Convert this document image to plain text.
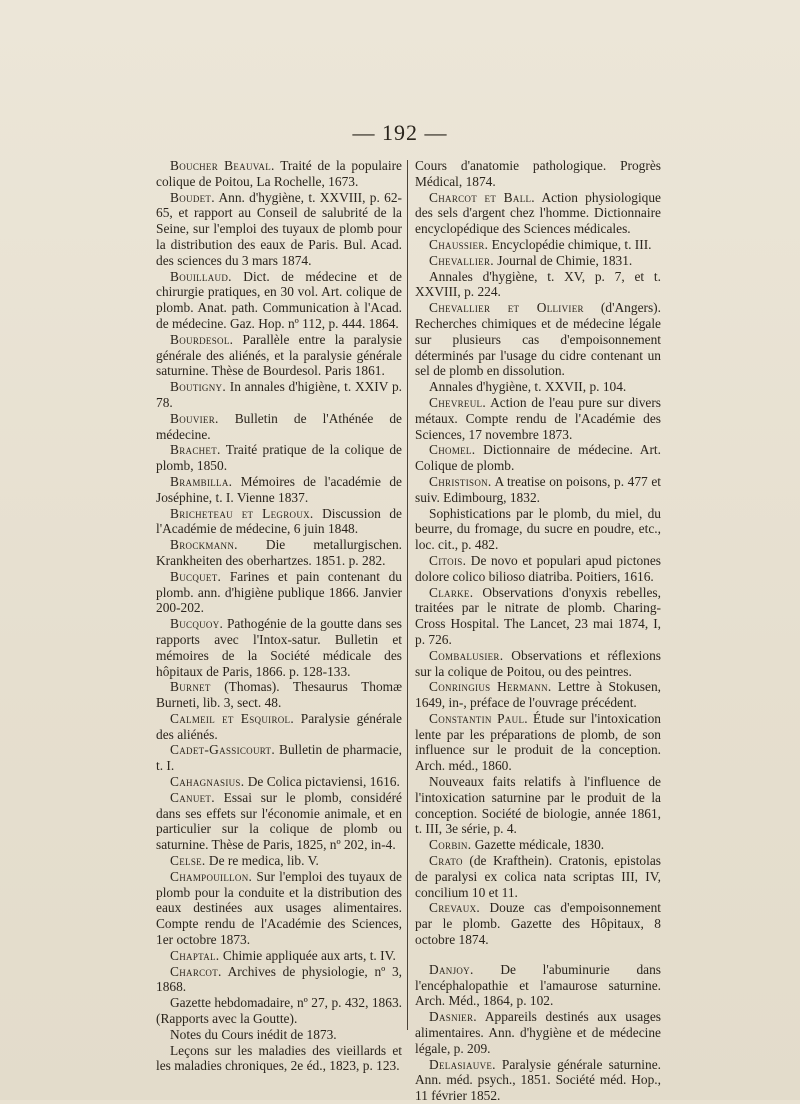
— 192 —

Boucher Beauval. Traité de la populaire colique de Poitou, La Rochelle, 1673.

Boudet. Ann. d'hygiène, t. XXVIII, p. 62-65, et rapport au Conseil de salubrité de la Seine, sur l'emploi des tuyaux de plomb pour la distribution des eaux de Paris. Bul. Acad. des sciences du 3 mars 1874.

Bouillaud. Dict. de médecine et de chirurgie pratiques, en 30 vol. Art. colique de plomb. Anat. path. Communication à l'Acad. de médecine. Gaz. Hop. nº 112, p. 444. 1864.

Bourdesol. Parallèle entre la paralysie générale des aliénés, et la paralysie générale saturnine. Thèse de Bourdesol. Paris 1861.

Boutigny. In annales d'higiène, t. XXIV p. 78.

Bouvier. Bulletin de l'Athénée de médecine.

Brachet. Traité pratique de la colique de plomb, 1850.

Brambilla. Mémoires de l'académie de Joséphine, t. I. Vienne 1837.

Bricheteau et Legroux. Discussion de l'Académie de médecine, 6 juin 1848.

Brockmann. Die metallurgischen. Krankheiten des oberhartzes. 1851. p. 282.

Bucquet. Farines et pain contenant du plomb. ann. d'higiène publique 1866. Janvier 200-202.

Bucquoy. Pathogénie de la goutte dans ses rapports avec l'Intox-satur. Bulletin et mémoires de la Société médicale des hôpitaux de Paris, 1866. p. 128-133.

Burnet (Thomas). Thesaurus Thomæ Burneti, lib. 3, sect. 48.

Calmeil et Esquirol. Paralysie générale des aliénés.

Cadet-Gassicourt. Bulletin de pharmacie, t. I.

Cahagnasius. De Colica pictaviensi, 1616.

Canuet. Essai sur le plomb, considéré dans ses effets sur l'économie animale, et en particulier sur la colique de plomb ou saturnine. Thèse de Paris, 1825, nº 202, in-4.

Celse. De re medica, lib. V.

Champouillon. Sur l'emploi des tuyaux de plomb pour la conduite et la distribution des eaux destinées aux usages alimentaires. Compte rendu de l'Académie des Sciences, 1er octobre 1873.

Chaptal. Chimie appliquée aux arts, t. IV.

Charcot. Archives de physiologie, nº 3, 1868.

Gazette hebdomadaire, nº 27, p. 432, 1863. (Rapports avec la Goutte).

Notes du Cours inédit de 1873.

Leçons sur les maladies des vieillards et les maladies chroniques, 2e éd., 1823, p. 123.

Cours d'anatomie pathologique. Progrès Médical, 1874.

Charcot et Ball. Action physiologique des sels d'argent chez l'homme. Dictionnaire encyclopédique des Sciences médicales.

Chaussier. Encyclopédie chimique, t. III.

Chevallier. Journal de Chimie, 1831.

Annales d'hygiène, t. XV, p. 7, et t. XXVIII, p. 224.

Chevallier et Ollivier (d'Angers). Recherches chimiques et de médecine légale sur plusieurs cas d'empoisonnement déterminés par l'usage du cidre contenant un sel de plomb en dissolution.

Annales d'hygiène, t. XXVII, p. 104.

Chevreul. Action de l'eau pure sur divers métaux. Compte rendu de l'Académie des Sciences, 17 novembre 1873.

Chomel. Dictionnaire de médecine. Art. Colique de plomb.

Christison. A treatise on poisons, p. 477 et suiv. Edimbourg, 1832.

Sophistications par le plomb, du miel, du beurre, du fromage, du sucre en poudre, etc., loc. cit., p. 482.

Citois. De novo et populari apud pictones dolore colico bilioso diatriba. Poitiers, 1616.

Clarke. Observations d'onyxis rebelles, traitées par le nitrate de plomb. Charing-Cross Hospital. The Lancet, 23 mai 1874, I, p. 726.

Combalusier. Observations et réflexions sur la colique de Poitou, ou des peintres.

Conringius Hermann. Lettre à Stokusen, 1649, in-, préface de l'ouvrage précédent.

Constantin Paul. Étude sur l'intoxication lente par les préparations de plomb, de son influence sur le produit de la conception. Arch. méd., 1860.

Nouveaux faits relatifs à l'influence de l'intoxication saturnine par le produit de la conception. Société de biologie, année 1861, t. III, 3e série, p. 4.

Corbin. Gazette médicale, 1830.

Crato (de Krafthein). Cratonis, epistolas de paralysi ex colica nata scriptas III, IV, concilium 10 et 11.

Crevaux. Douze cas d'empoisonnement par le plomb. Gazette des Hôpitaux, 8 octobre 1874.

Danjoy. De l'abuminurie dans l'encéphalopathie et l'amaurose saturnine. Arch. Méd., 1864, p. 102.

Dasnier. Appareils destinés aux usages alimentaires. Ann. d'hygiène et de médecine légale, p. 209.

Delasiauve. Paralysie générale saturnine. Ann. méd. psych., 1851. Société méd. Hop., 11 février 1852.
